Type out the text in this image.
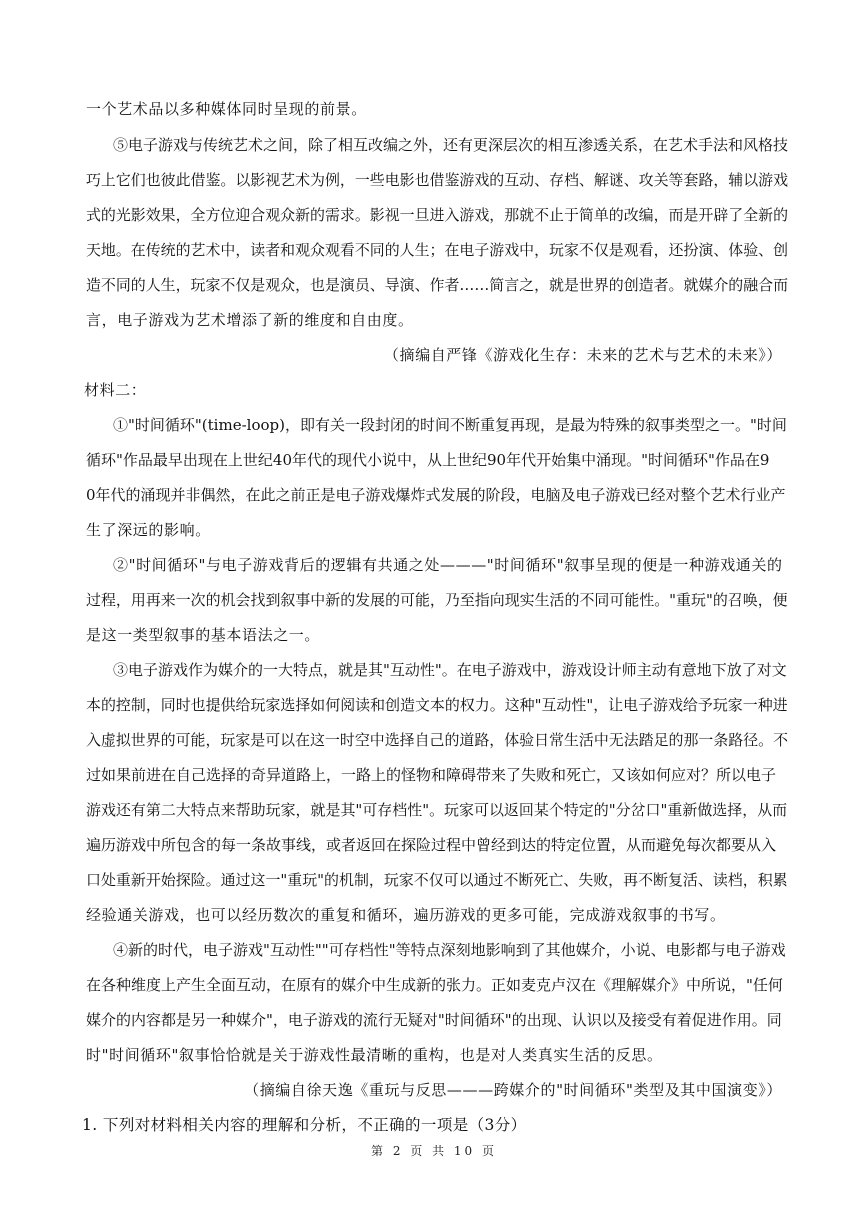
一个艺术品以多种媒体同时呈现的前景。
⑤电子游戏与传统艺术之间，除了相互改编之外，还有更深层次的相互渗透关系，在艺术手法和风格技
巧上它们也彼此借鉴。以影视艺术为例，一些电影也借鉴游戏的互动、存档、解谜、攻关等套路，辅以游戏
式的光影效果，全方位迎合观众新的需求。影视一旦进入游戏，那就不止于简单的改编，而是开辟了全新的
天地。在传统的艺术中，读者和观众观看不同的人生；在电子游戏中，玩家不仅是观看，还扮演、体验、创
造不同的人生，玩家不仅是观众，也是演员、导演、作者……简言之，就是世界的创造者。就媒介的融合而
言，电子游戏为艺术增添了新的维度和自由度。
（摘编自严锋《游戏化生存：未来的艺术与艺术的未来》）
材料二：
①"时间循环"(time-loop)，即有关一段封闭的时间不断重复再现，是最为特殊的叙事类型之一。"时间
循环"作品最早出现在上世纪40年代的现代小说中，从上世纪90年代开始集中涌现。"时间循环"作品在9
0年代的涌现并非偶然，在此之前正是电子游戏爆炸式发展的阶段，电脑及电子游戏已经对整个艺术行业产
生了深远的影响。
②"时间循环"与电子游戏背后的逻辑有共通之处———"时间循环"叙事呈现的便是一种游戏通关的
过程，用再来一次的机会找到叙事中新的发展的可能，乃至指向现实生活的不同可能性。"重玩"的召唤，便
是这一类型叙事的基本语法之一。
③电子游戏作为媒介的一大特点，就是其"互动性"。在电子游戏中，游戏设计师主动有意地下放了对文
本的控制，同时也提供给玩家选择如何阅读和创造文本的权力。这种"互动性"，让电子游戏给予玩家一种进
入虚拟世界的可能，玩家是可以在这一时空中选择自己的道路，体验日常生活中无法踏足的那一条路径。不
过如果前进在自己选择的奇异道路上，一路上的怪物和障碍带来了失败和死亡，又该如何应对？所以电子
游戏还有第二大特点来帮助玩家，就是其"可存档性"。玩家可以返回某个特定的"分岔口"重新做选择，从而
遍历游戏中所包含的每一条故事线，或者返回在探险过程中曾经到达的特定位置，从而避免每次都要从入
口处重新开始探险。通过这一"重玩"的机制，玩家不仅可以通过不断死亡、失败，再不断复活、读档，积累
经验通关游戏，也可以经历数次的重复和循环，遍历游戏的更多可能，完成游戏叙事的书写。
④新的时代，电子游戏"互动性""可存档性"等特点深刻地影响到了其他媒介，小说、电影都与电子游戏
在各种维度上产生全面互动，在原有的媒介中生成新的张力。正如麦克卢汉在《理解媒介》中所说，"任何
媒介的内容都是另一种媒介"，电子游戏的流行无疑对"时间循环"的出现、认识以及接受有着促进作用。同
时"时间循环"叙事恰恰就是关于游戏性最清晰的重构，也是对人类真实生活的反思。
（摘编自徐天逸《重玩与反思———跨媒介的"时间循环"类型及其中国演变》）
1. 下列对材料相关内容的理解和分析，不正确的一项是（3分）
第 2 页 共 10 页
